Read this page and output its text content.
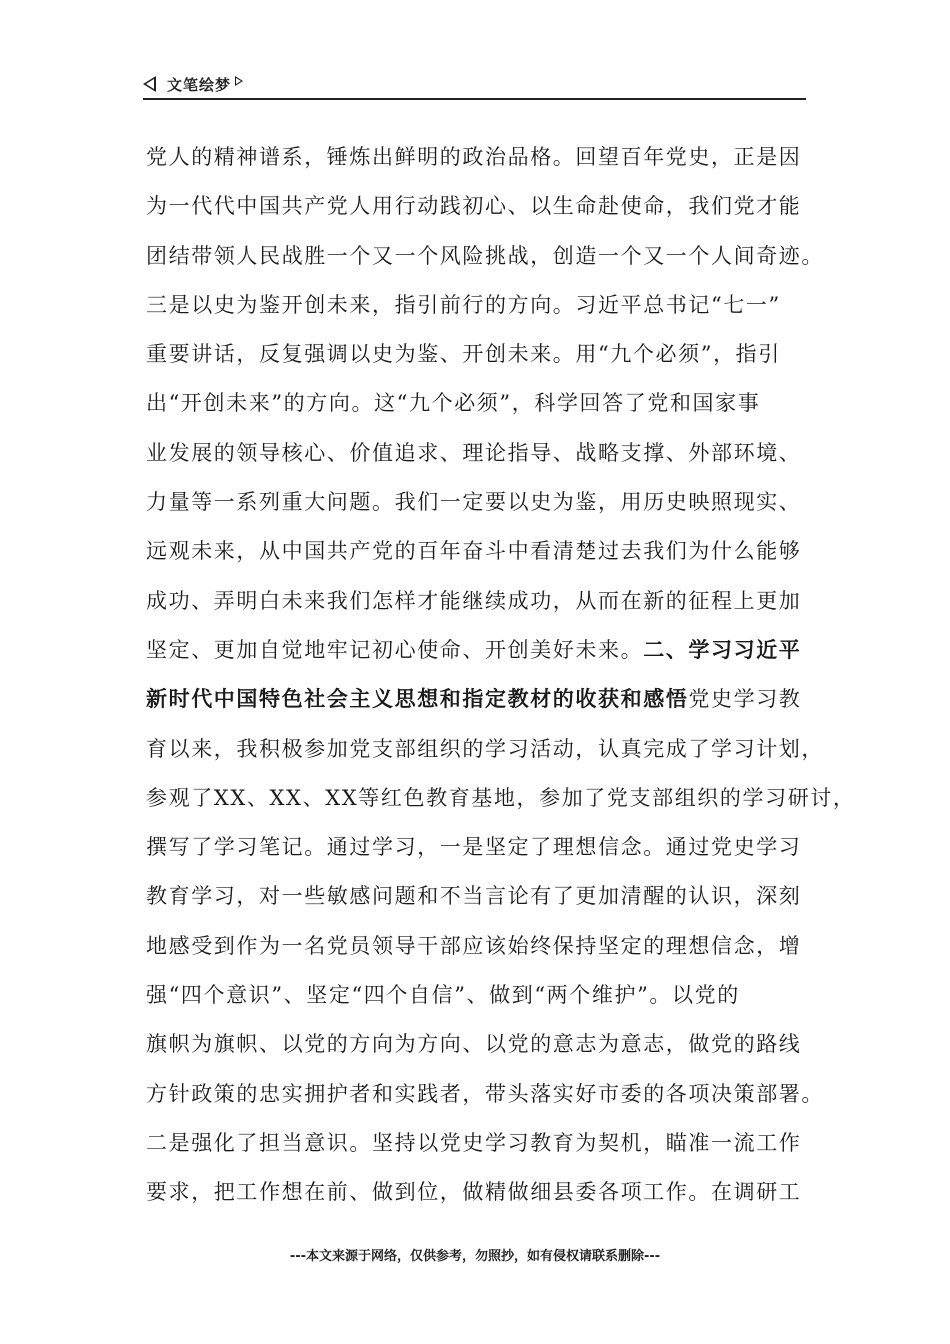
文笔绘梦
党人的精神谱系，锤炼出鲜明的政治品格。回望百年党史，正是因
为一代代中国共产党人用行动践初心、以生命赴使命，我们党才能
团结带领人民战胜一个又一个风险挑战，创造一个又一个人间奇迹。
三是以史为鉴开创未来，指引前行的方向。习近平总书记“七一”
重要讲话，反复强调以史为鉴、开创未来。用“九个必须”，指引
出“开创未来”的方向。这“九个必须”，科学回答了党和国家事
业发展的领导核心、价值追求、理论指导、战略支撑、外部环境、
力量等一系列重大问题。我们一定要以史为鉴，用历史映照现实、
远观未来，从中国共产党的百年奋斗中看清楚过去我们为什么能够
成功、弄明白未来我们怎样才能继续成功，从而在新的征程上更加
坚定、更加自觉地牢记初心使命、开创美好未来。二、学习习近平
新时代中国特色社会主义思想和指定教材的收获和感悟党史学习教
育以来，我积极参加党支部组织的学习活动，认真完成了学习计划，
参观了XX、XX、XX等红色教育基地，参加了党支部组织的学习研讨，
撰写了学习笔记。通过学习，一是坚定了理想信念。通过党史学习
教育学习，对一些敏感问题和不当言论有了更加清醒的认识，深刻
地感受到作为一名党员领导干部应该始终保持坚定的理想信念，增
强“四个意识”、坚定“四个自信”、做到“两个维护”。以党的
旗帜为旗帜、以党的方向为方向、以党的意志为意志，做党的路线
方针政策的忠实拥护者和实践者，带头落实好市委的各项决策部署。
二是强化了担当意识。坚持以党史学习教育为契机，瞄准一流工作
要求，把工作想在前、做到位，做精做细县委各项工作。在调研工
---本文来源于网络，仅供参考，勿照抄，如有侵权请联系删除---
